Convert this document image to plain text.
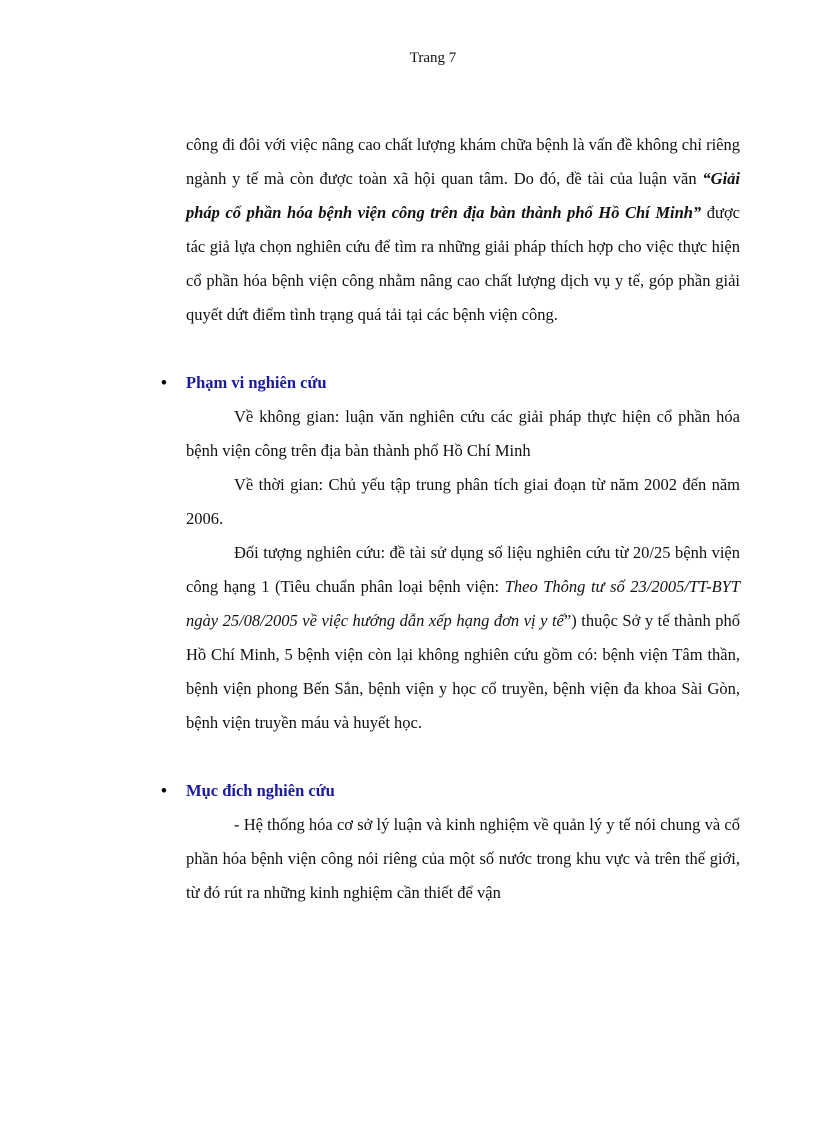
Trang 7

công đi đôi với việc nâng cao chất lượng khám chữa bệnh là vấn đề không chỉ riêng ngành y tế mà còn được toàn xã hội quan tâm. Do đó, đề tài của luận văn “Giải pháp cổ phần hóa bệnh viện công trên địa bàn thành phố Hồ Chí Minh” được tác giả lựa chọn nghiên cứu để tìm ra những giải pháp thích hợp cho việc thực hiện cổ phần hóa bệnh viện công nhằm nâng cao chất lượng dịch vụ y tế, góp phần giải quyết dứt điểm tình trạng quá tải tại các bệnh viện công.

• Phạm vi nghiên cứu

Về không gian: luận văn nghiên cứu các giải pháp thực hiện cổ phần hóa bệnh viện công trên địa bàn thành phố Hồ Chí Minh

Về thời gian: Chủ yếu tập trung phân tích giai đoạn từ năm 2002 đến năm 2006.

Đối tượng nghiên cứu: đề tài sử dụng số liệu nghiên cứu từ 20/25 bệnh viện công hạng 1 (Tiêu chuẩn phân loại bệnh viện: Theo Thông tư số 23/2005/TT-BYT ngày 25/08/2005 về việc hướng dẫn xếp hạng đơn vị y tế”) thuộc Sở y tế thành phố Hồ Chí Minh, 5 bệnh viện còn lại không nghiên cứu gồm có: bệnh viện Tâm thần, bệnh viện phong Bến Sắn, bệnh viện y học cổ truyền, bệnh viện đa khoa Sài Gòn, bệnh viện truyền máu và huyết học.

• Mục đích nghiên cứu

- Hệ thống hóa cơ sở lý luận và kinh nghiệm về quản lý y tế nói chung và cổ phần hóa bệnh viện công nói riêng của một số nước trong khu vực và trên thế giới, từ đó rút ra những kinh nghiệm cần thiết để vận
